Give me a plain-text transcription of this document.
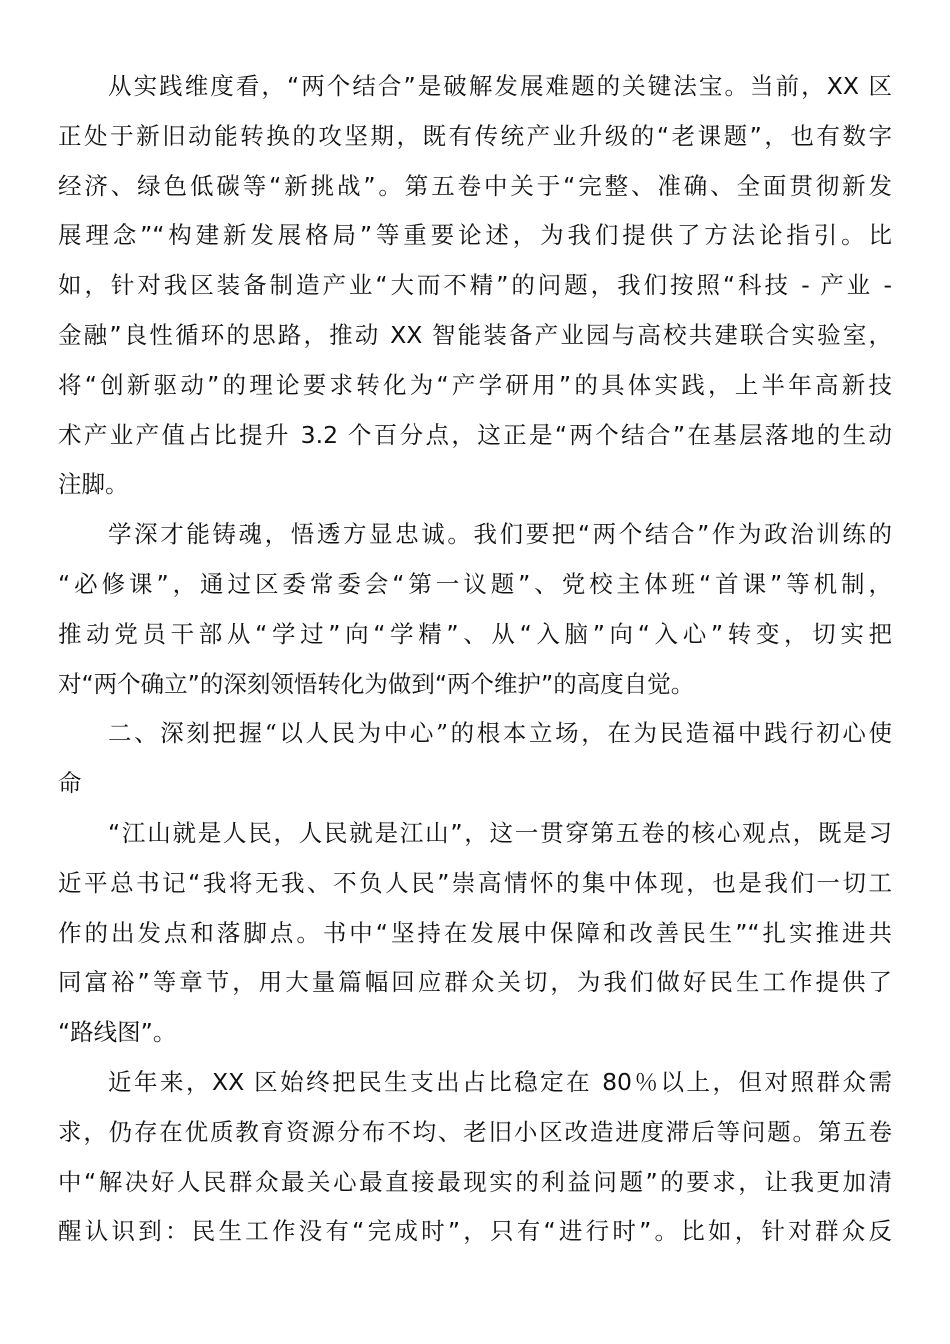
从实践维度看，“两个结合”是破解发展难题的关键法宝。当前，XX 区
正处于新旧动能转换的攻坚期，既有传统产业升级的“老课题”，也有数字
经济、绿色低碳等“新挑战”。第五卷中关于“完整、准确、全面贯彻新发
展理念”“构建新发展格局”等重要论述，为我们提供了方法论指引。比
如，针对我区装备制造产业“大而不精”的问题，我们按照“科技 - 产业 -
金融”良性循环的思路，推动 XX 智能装备产业园与高校共建联合实验室，
将“创新驱动”的理论要求转化为“产学研用”的具体实践，上半年高新技
术产业产值占比提升 3.2 个百分点，这正是“两个结合”在基层落地的生动
注脚。
学深才能铸魂，悟透方显忠诚。我们要把“两个结合”作为政治训练的
“必修课”，通过区委常委会“第一议题”、党校主体班“首课”等机制，
推动党员干部从“学过”向“学精”、从“入脑”向“入心”转变，切实把
对“两个确立”的深刻领悟转化为做到“两个维护”的高度自觉。
二、深刻把握“以人民为中心”的根本立场，在为民造福中践行初心使
命
“江山就是人民，人民就是江山”，这一贯穿第五卷的核心观点，既是习
近平总书记“我将无我、不负人民”崇高情怀的集中体现，也是我们一切工
作的出发点和落脚点。书中“坚持在发展中保障和改善民生”“扎实推进共
同富裕”等章节，用大量篇幅回应群众关切，为我们做好民生工作提供了
“路线图”。
近年来，XX 区始终把民生支出占比稳定在 80％以上，但对照群众需
求，仍存在优质教育资源分布不均、老旧小区改造进度滞后等问题。第五卷
中“解决好人民群众最关心最直接最现实的利益问题”的要求，让我更加清
醒认识到：民生工作没有“完成时”，只有“进行时”。比如，针对群众反
